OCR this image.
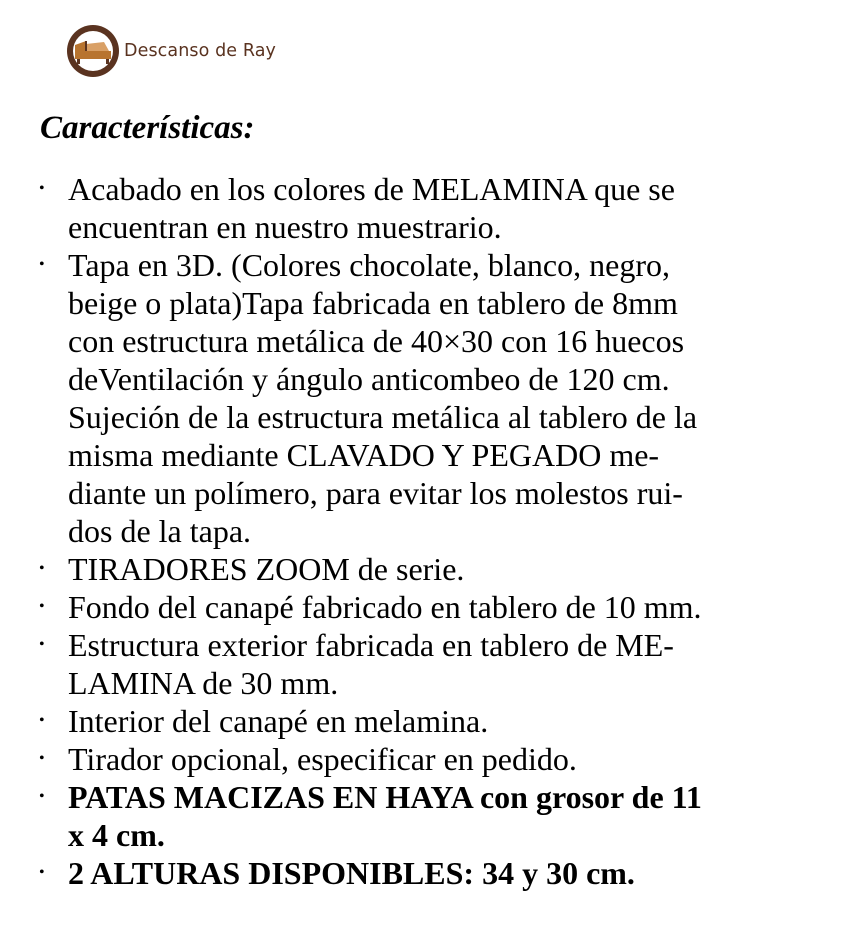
Descanso de Ray
Características:
• Acabado en los colores de MELAMINA que se
encuentran en nuestro muestrario.
• Tapa en 3D. (Colores chocolate, blanco, negro,
beige o plata)Tapa fabricada en tablero de 8mm
con estructura metálica de 40×30 con 16 huecos
deVentilación y ángulo anticombeo de 120 cm.
Sujeción de la estructura metálica al tablero de la
misma mediante CLAVADO Y PEGADO me-
diante un polímero, para evitar los molestos rui-
dos de la tapa.
• TIRADORES ZOOM de serie.
• Fondo del canapé fabricado en tablero de 10 mm.
• Estructura exterior fabricada en tablero de ME-
LAMINA de 30 mm.
• Interior del canapé en melamina.
• Tirador opcional, especificar en pedido.
• PATAS MACIZAS EN HAYA con grosor de 11
x 4 cm.
• 2 ALTURAS DISPONIBLES: 34 y 30 cm.
